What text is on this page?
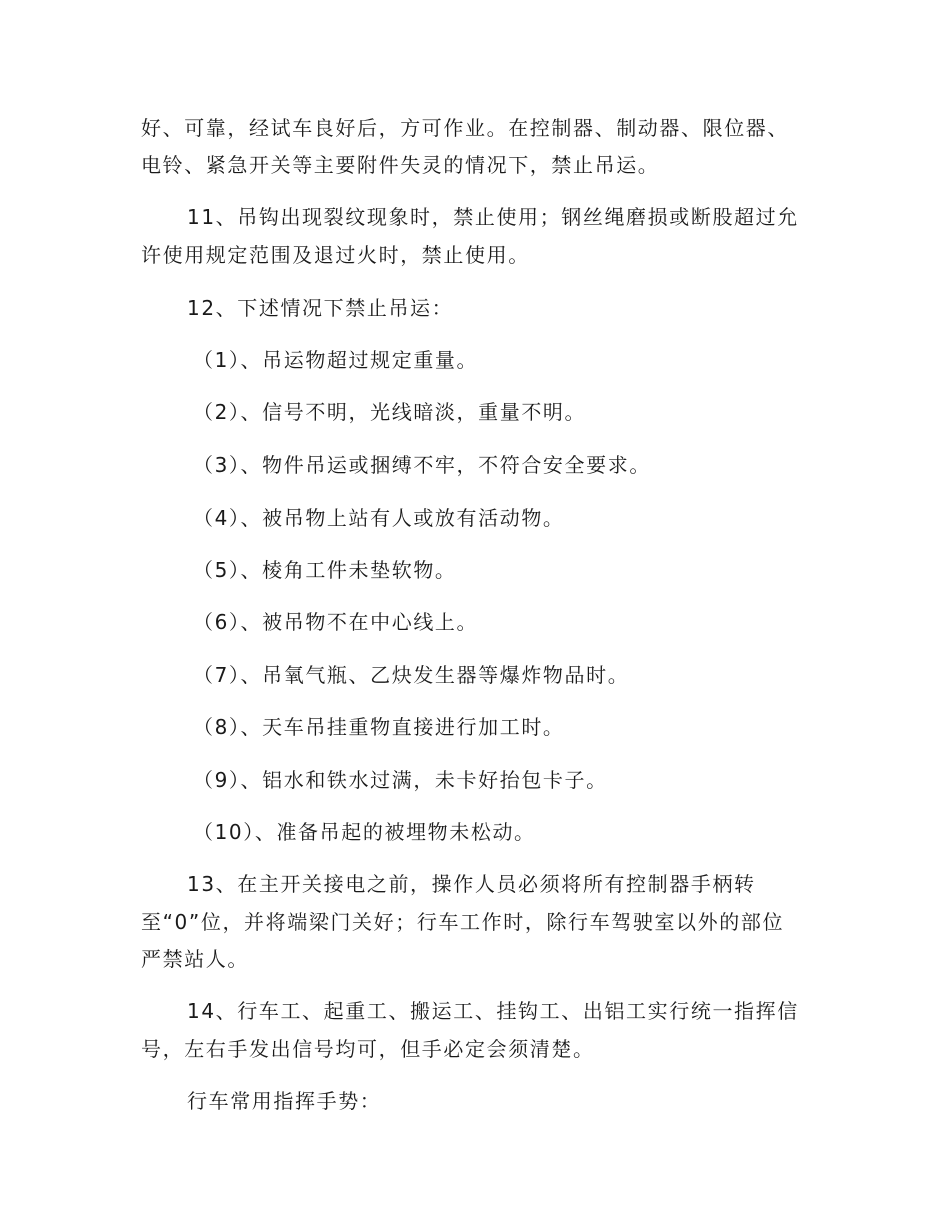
好、可靠，经试车良好后，方可作业。在控制器、制动器、限位器、
电铃、紧急开关等主要附件失灵的情况下，禁止吊运。
11、吊钩出现裂纹现象时，禁止使用；钢丝绳磨损或断股超过允
许使用规定范围及退过火时，禁止使用。
12、下述情况下禁止吊运：
（1）、吊运物超过规定重量。
（2）、信号不明，光线暗淡，重量不明。
（3）、物件吊运或捆缚不牢，不符合安全要求。
（4）、被吊物上站有人或放有活动物。
（5）、棱角工件未垫软物。
（6）、被吊物不在中心线上。
（7）、吊氧气瓶、乙炔发生器等爆炸物品时。
（8）、天车吊挂重物直接进行加工时。
（9）、铝水和铁水过满，未卡好抬包卡子。
（10）、准备吊起的被埋物未松动。
13、在主开关接电之前，操作人员必须将所有控制器手柄转
至“0”位，并将端梁门关好；行车工作时，除行车驾驶室以外的部位
严禁站人。
14、行车工、起重工、搬运工、挂钩工、出铝工实行统一指挥信
号，左右手发出信号均可，但手必定会须清楚。
行车常用指挥手势：
